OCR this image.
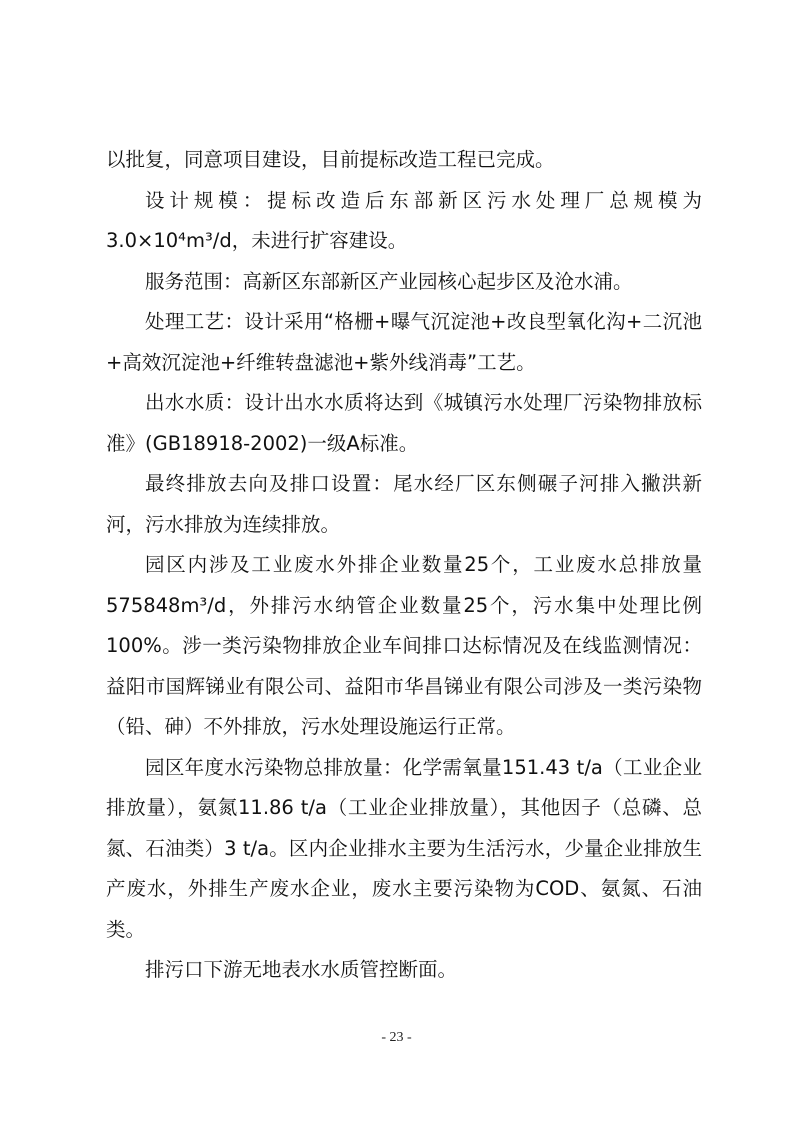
以批复，同意项目建设，目前提标改造工程已完成。

设计规模：提标改造后东部新区污水处理厂总规模为3.0×10⁴m³/d，未进行扩容建设。

服务范围：高新区东部新区产业园核心起步区及沧水浦。

处理工艺：设计采用“格栅+曝气沉淀池+改良型氧化沟+二沉池+高效沉淀池+纤维转盘滤池+紫外线消毒”工艺。

出水水质：设计出水水质将达到《城镇污水处理厂污染物排放标准》(GB18918-2002)一级A标准。

最终排放去向及排口设置：尾水经厂区东侧碾子河排入撇洪新河，污水排放为连续排放。

园区内涉及工业废水外排企业数量25个，工业废水总排放量575848m³/d，外排污水纳管企业数量25个，污水集中处理比例100%。涉一类污染物排放企业车间排口达标情况及在线监测情况：益阳市国辉锑业有限公司、益阳市华昌锑业有限公司涉及一类污染物（铅、砷）不外排放，污水处理设施运行正常。

园区年度水污染物总排放量：化学需氧量151.43 t/a（工业企业排放量），氨氮11.86 t/a（工业企业排放量），其他因子（总磷、总氮、石油类）3 t/a。区内企业排水主要为生活污水，少量企业排放生产废水，外排生产废水企业，废水主要污染物为COD、氨氮、石油类。

排污口下游无地表水水质管控断面。

- 23 -
